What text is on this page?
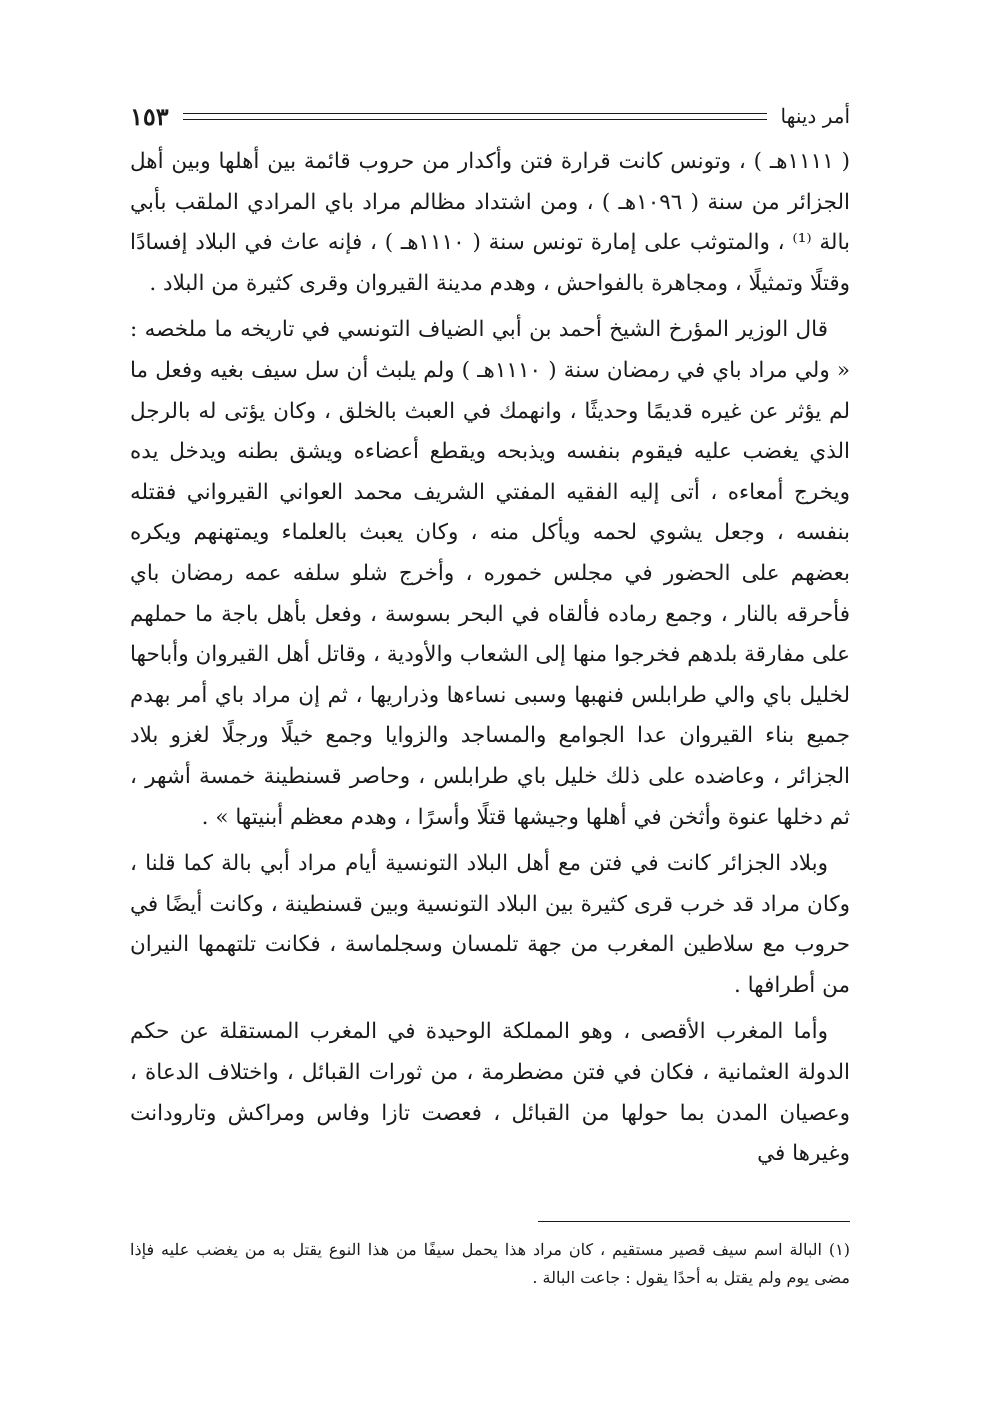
أمر دينها
١٥٣

( ١١١١هـ ) ، وتونس كانت قرارة فتن وأكدار من حروب قائمة بين أهلها وبين أهل الجزائر من سنة ( ١٠٩٦هـ ) ، ومن اشتداد مظالم مراد باي المرادي الملقب بأبي بالة ⁽¹⁾ ، والمتوثب على إمارة تونس سنة ( ١١١٠هـ ) ، فإنه عاث في البلاد إفسادًا وقتلًا وتمثيلًا ، ومجاهرة بالفواحش ، وهدم مدينة القيروان وقرى كثيرة من البلاد .

قال الوزير المؤرخ الشيخ أحمد بن أبي الضياف التونسي في تاريخه ما ملخصه : « ولي مراد باي في رمضان سنة ( ١١١٠هـ ) ولم يلبث أن سل سيف بغيه وفعل ما لم يؤثر عن غيره قديمًا وحديثًا ، وانهمك في العبث بالخلق ، وكان يؤتى له بالرجل الذي يغضب عليه فيقوم بنفسه ويذبحه ويقطع أعضاءه ويشق بطنه ويدخل يده ويخرج أمعاءه ، أتى إليه الفقيه المفتي الشريف محمد العواني القيرواني فقتله بنفسه ، وجعل يشوي لحمه ويأكل منه ، وكان يعبث بالعلماء ويمتهنهم ويكره بعضهم على الحضور في مجلس خموره ، وأخرج شلو سلفه عمه رمضان باي فأحرقه بالنار ، وجمع رماده فألقاه في البحر بسوسة ، وفعل بأهل باجة ما حملهم على مفارقة بلدهم فخرجوا منها إلى الشعاب والأودية ، وقاتل أهل القيروان وأباحها لخليل باي والي طرابلس فنهبها وسبى نساءها وذراريها ، ثم إن مراد باي أمر بهدم جميع بناء القيروان عدا الجوامع والمساجد والزوايا وجمع خيلًا ورجلًا لغزو بلاد الجزائر ، وعاضده على ذلك خليل باي طرابلس ، وحاصر قسنطينة خمسة أشهر ، ثم دخلها عنوة وأثخن في أهلها وجيشها قتلًا وأسرًا ، وهدم معظم أبنيتها » .

وبلاد الجزائر كانت في فتن مع أهل البلاد التونسية أيام مراد أبي بالة كما قلنا ، وكان مراد قد خرب قرى كثيرة بين البلاد التونسية وبين قسنطينة ، وكانت أيضًا في حروب مع سلاطين المغرب من جهة تلمسان وسجلماسة ، فكانت تلتهمها النيران من أطرافها .

وأما المغرب الأقصى ، وهو المملكة الوحيدة في المغرب المستقلة عن حكم الدولة العثمانية ، فكان في فتن مضطرمة ، من ثورات القبائل ، واختلاف الدعاة ، وعصيان المدن بما حولها من القبائل ، فعصت تازا وفاس ومراكش وتارودانت وغيرها في

(١) البالة اسم سيف قصير مستقيم ، كان مراد هذا يحمل سيفًا من هذا النوع يقتل به من يغضب عليه فإذا مضى يوم ولم يقتل به أحدًا يقول : جاعت البالة .
